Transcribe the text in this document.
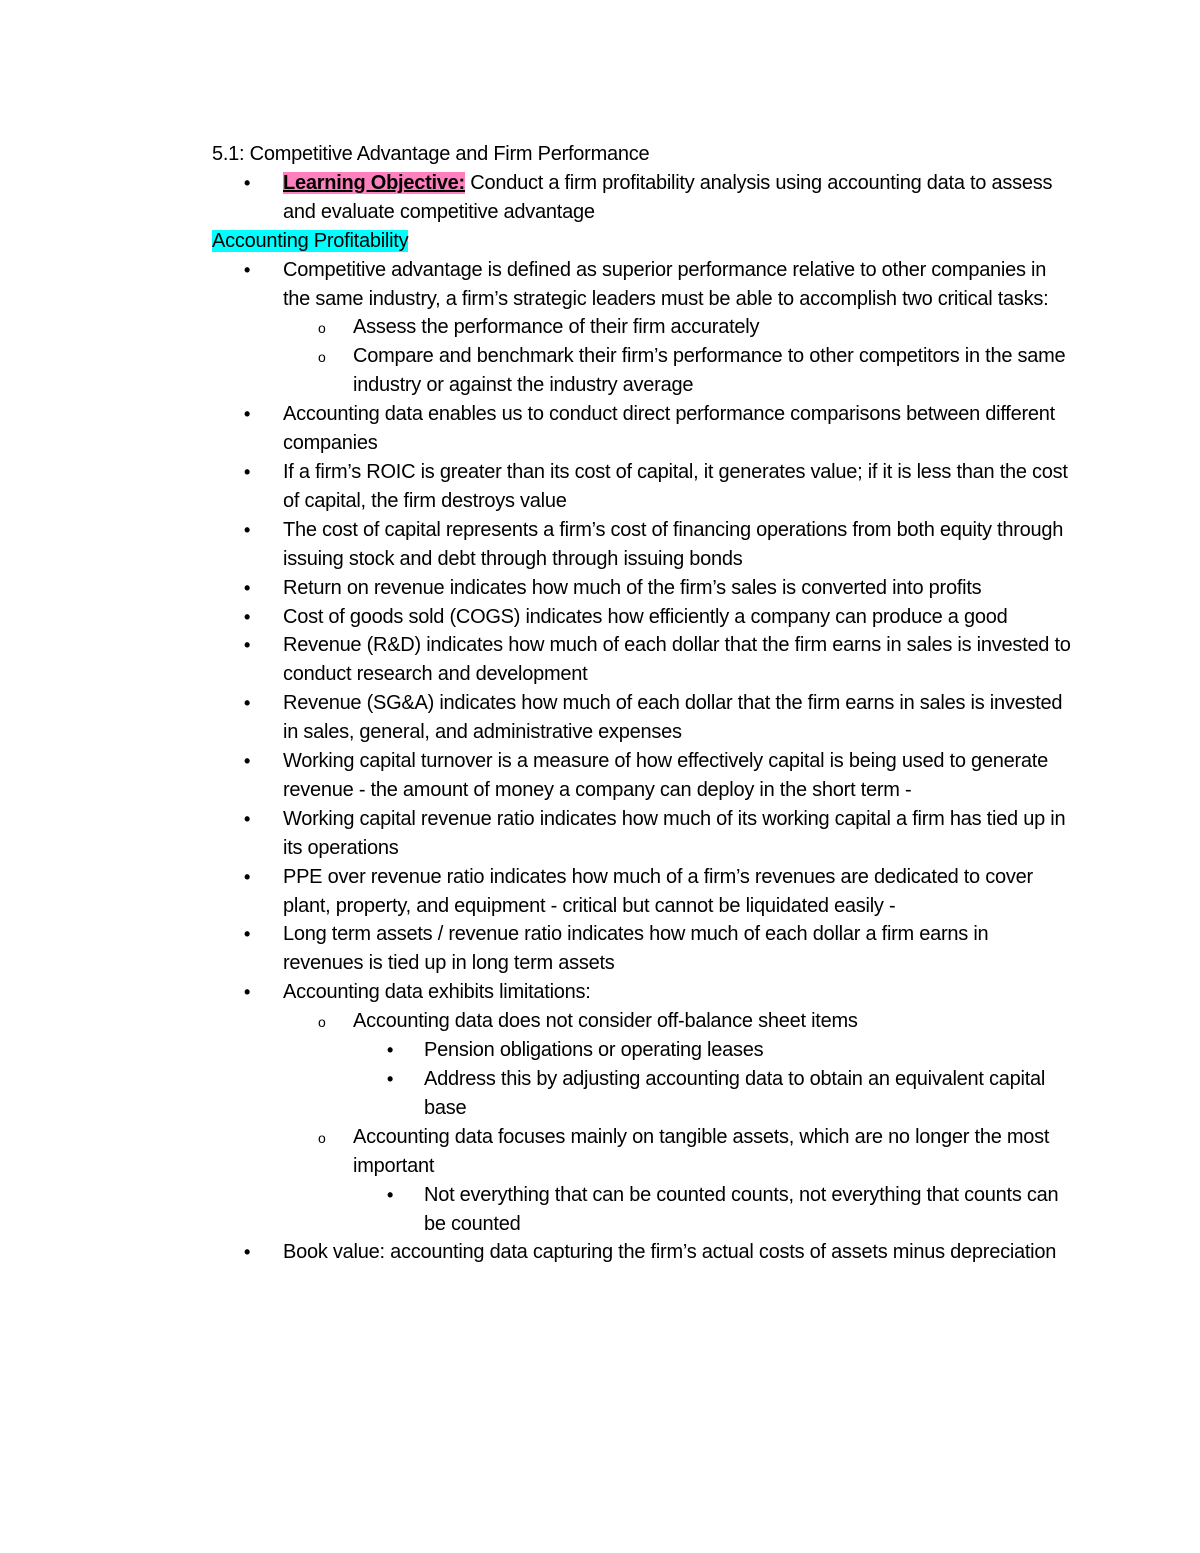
5.1: Competitive Advantage and Firm Performance
• Learning Objective: Conduct a firm profitability analysis using accounting data to assess and evaluate competitive advantage
Accounting Profitability
• Competitive advantage is defined as superior performance relative to other companies in the same industry, a firm’s strategic leaders must be able to accomplish two critical tasks:
o Assess the performance of their firm accurately
o Compare and benchmark their firm’s performance to other competitors in the same industry or against the industry average
• Accounting data enables us to conduct direct performance comparisons between different companies
• If a firm’s ROIC is greater than its cost of capital, it generates value; if it is less than the cost of capital, the firm destroys value
• The cost of capital represents a firm’s cost of financing operations from both equity through issuing stock and debt through through issuing bonds
• Return on revenue indicates how much of the firm’s sales is converted into profits
• Cost of goods sold (COGS) indicates how efficiently a company can produce a good
• Revenue (R&D) indicates how much of each dollar that the firm earns in sales is invested to conduct research and development
• Revenue (SG&A) indicates how much of each dollar that the firm earns in sales is invested in sales, general, and administrative expenses
• Working capital turnover is a measure of how effectively capital is being used to generate revenue - the amount of money a company can deploy in the short term -
• Working capital revenue ratio indicates how much of its working capital a firm has tied up in its operations
• PPE over revenue ratio indicates how much of a firm’s revenues are dedicated to cover plant, property, and equipment - critical but cannot be liquidated easily -
• Long term assets / revenue ratio indicates how much of each dollar a firm earns in revenues is tied up in long term assets
• Accounting data exhibits limitations:
o Accounting data does not consider off-balance sheet items
• Pension obligations or operating leases
• Address this by adjusting accounting data to obtain an equivalent capital base
o Accounting data focuses mainly on tangible assets, which are no longer the most important
• Not everything that can be counted counts, not everything that counts can be counted
• Book value: accounting data capturing the firm’s actual costs of assets minus depreciation
